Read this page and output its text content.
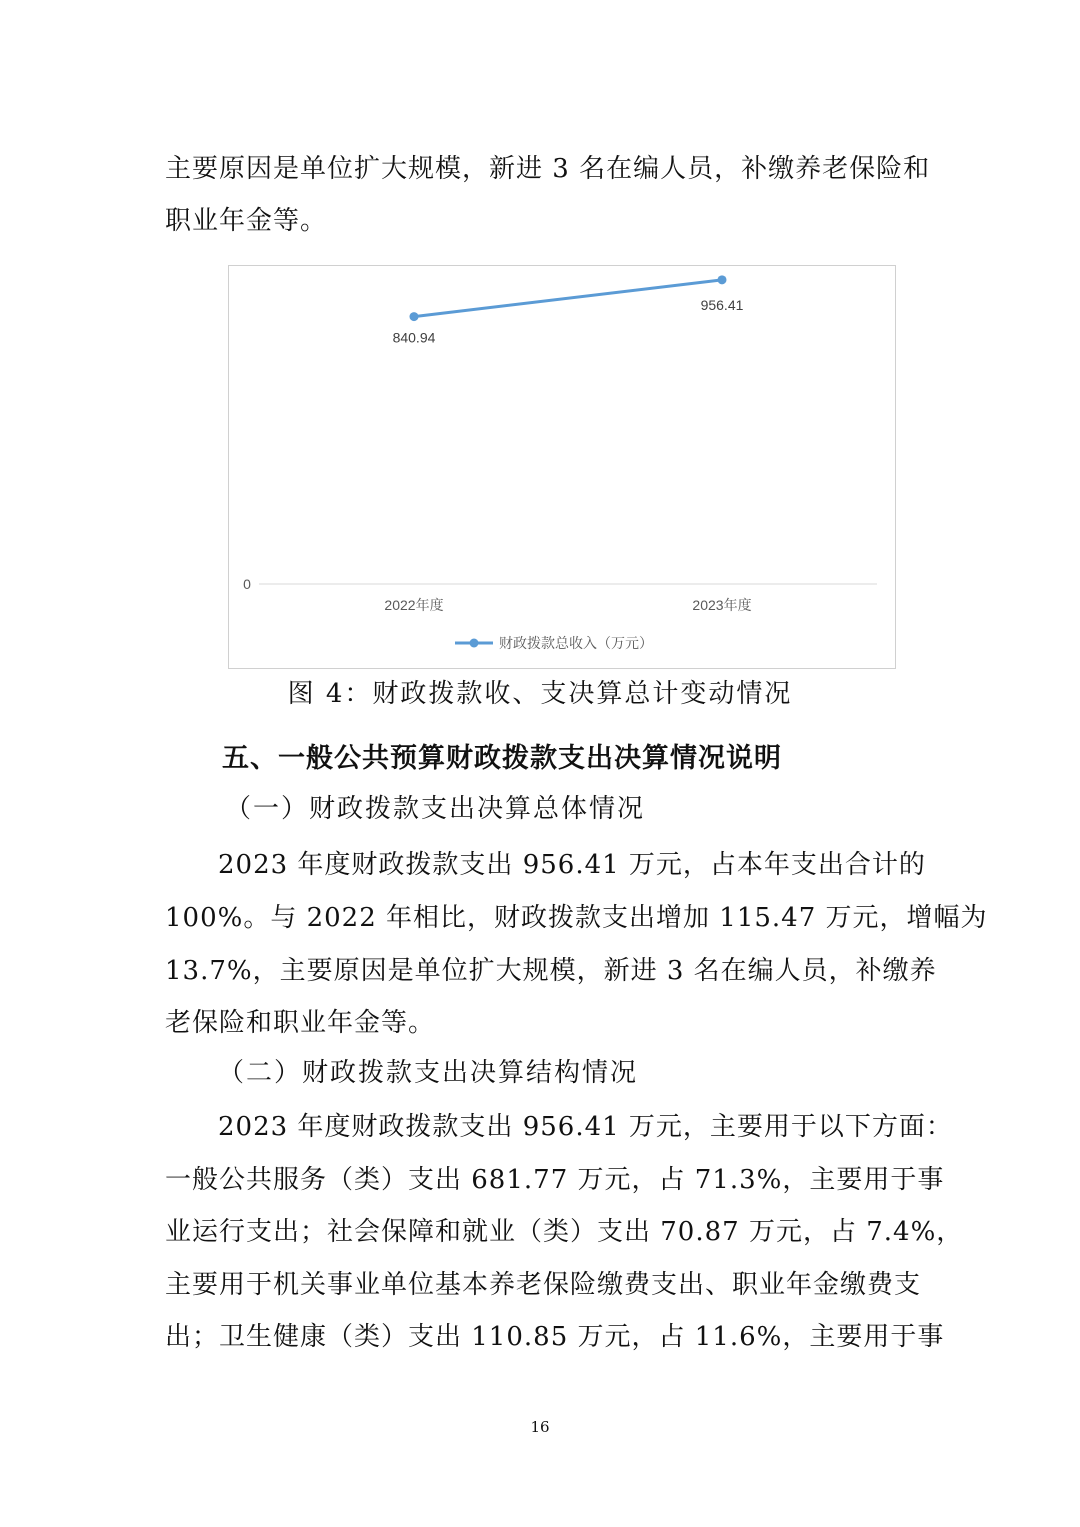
主要原因是单位扩大规模，新进 3 名在编人员，补缴养老保险和
职业年金等。
0
2022年度	2023年度
840.94
956.41
财政拨款总收入（万元）
图 4：财政拨款收、支决算总计变动情况
五、一般公共预算财政拨款支出决算情况说明
（一）财政拨款支出决算总体情况
2023 年度财政拨款支出 956.41 万元，占本年支出合计的
100%。与 2022 年相比，财政拨款支出增加 115.47 万元，增幅为
13.7%，主要原因是单位扩大规模，新进 3 名在编人员，补缴养
老保险和职业年金等。
（二）财政拨款支出决算结构情况
2023 年度财政拨款支出 956.41 万元，主要用于以下方面：
一般公共服务（类）支出 681.77 万元，占 71.3%，主要用于事
业运行支出；社会保障和就业（类）支出 70.87 万元，占 7.4%，
主要用于机关事业单位基本养老保险缴费支出、职业年金缴费支
出；卫生健康（类）支出 110.85 万元，占 11.6%，主要用于事
16
